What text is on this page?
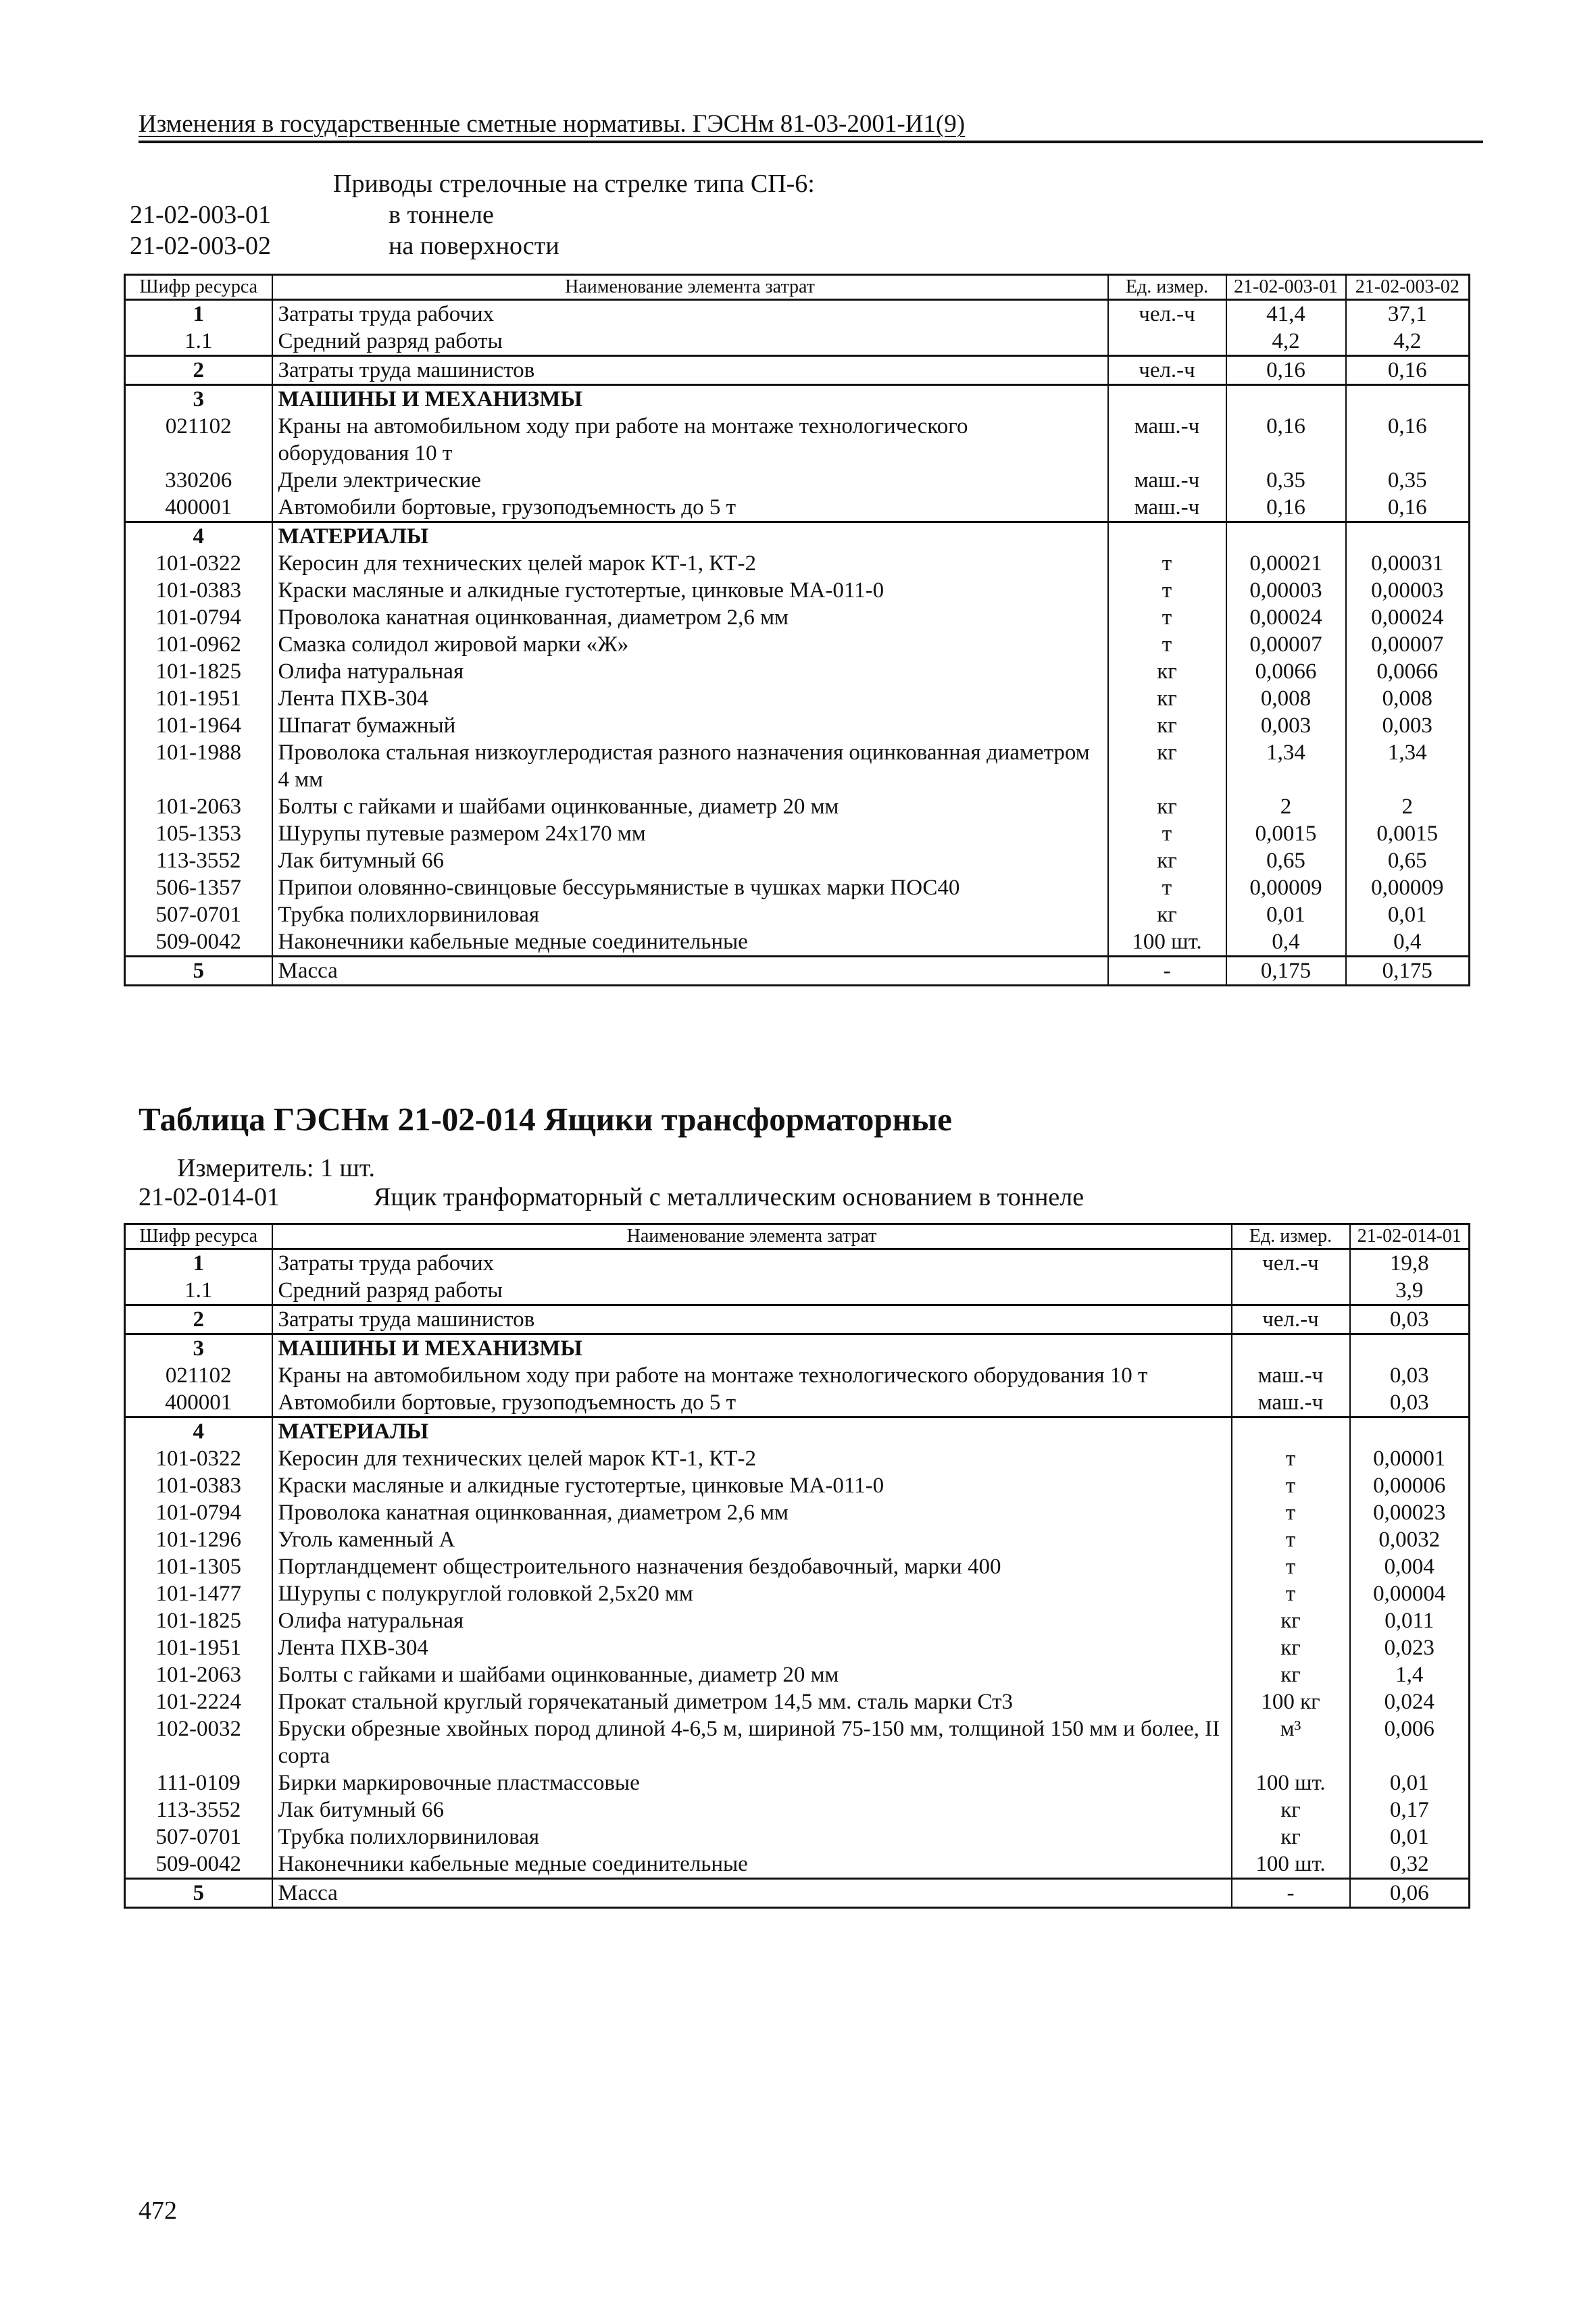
Изменения в государственные сметные нормативы. ГЭСНм 81-03-2001-И1(9)
Приводы стрелочные на стрелке типа СП-6:
21-02-003-01	в тоннеле
21-02-003-02	на поверхности
Шифр ресурса	Наименование элемента затрат	Ед. измер.	21-02-003-01	21-02-003-02
1	Затраты труда рабочих	чел.-ч	41,4	37,1
1.1	Средний разряд работы		4,2	4,2
2	Затраты труда машинистов	чел.-ч	0,16	0,16
3	МАШИНЫ И МЕХАНИЗМЫ			
021102	Краны на автомобильном ходу при работе на монтаже технологического оборудования 10 т	маш.-ч	0,16	0,16
330206	Дрели электрические	маш.-ч	0,35	0,35
400001	Автомобили бортовые, грузоподъемность до 5 т	маш.-ч	0,16	0,16
4	МАТЕРИАЛЫ			
101-0322	Керосин для технических целей марок КТ-1, КТ-2	т	0,00021	0,00031
101-0383	Краски масляные и алкидные густотертые, цинковые МА-011-0	т	0,00003	0,00003
101-0794	Проволока канатная оцинкованная, диаметром 2,6 мм	т	0,00024	0,00024
101-0962	Смазка солидол жировой марки «Ж»	т	0,00007	0,00007
101-1825	Олифа натуральная	кг	0,0066	0,0066
101-1951	Лента ПХВ-304	кг	0,008	0,008
101-1964	Шпагат бумажный	кг	0,003	0,003
101-1988	Проволока стальная низкоуглеродистая разного назначения оцинкованная диаметром 4 мм	кг	1,34	1,34
101-2063	Болты с гайками и шайбами оцинкованные, диаметр 20 мм	кг	2	2
105-1353	Шурупы путевые размером 24х170 мм	т	0,0015	0,0015
113-3552	Лак битумный 66	кг	0,65	0,65
506-1357	Припои оловянно-свинцовые бессурьмянистые в чушках марки ПОС40	т	0,00009	0,00009
507-0701	Трубка полихлорвиниловая	кг	0,01	0,01
509-0042	Наконечники кабельные медные соединительные	100 шт.	0,4	0,4
5	Масса	-	0,175	0,175
Таблица ГЭСНм 21-02-014 Ящики трансформаторные
Измеритель: 1 шт.
21-02-014-01	Ящик транформаторный с металлическим основанием в тоннеле
Шифр ресурса	Наименование элемента затрат	Ед. измер.	21-02-014-01
1	Затраты труда рабочих	чел.-ч	19,8
1.1	Средний разряд работы		3,9
2	Затраты труда машинистов	чел.-ч	0,03
3	МАШИНЫ И МЕХАНИЗМЫ		
021102	Краны на автомобильном ходу при работе на монтаже технологического оборудования 10 т	маш.-ч	0,03
400001	Автомобили бортовые, грузоподъемность до 5 т	маш.-ч	0,03
4	МАТЕРИАЛЫ		
101-0322	Керосин для технических целей марок КТ-1, КТ-2	т	0,00001
101-0383	Краски масляные и алкидные густотертые, цинковые МА-011-0	т	0,00006
101-0794	Проволока канатная оцинкованная, диаметром 2,6 мм	т	0,00023
101-1296	Уголь каменный А	т	0,0032
101-1305	Портландцемент общестроительного назначения бездобавочный, марки 400	т	0,004
101-1477	Шурупы с полукруглой головкой 2,5х20 мм	т	0,00004
101-1825	Олифа натуральная	кг	0,011
101-1951	Лента ПХВ-304	кг	0,023
101-2063	Болты с гайками и шайбами оцинкованные, диаметр 20 мм	кг	1,4
101-2224	Прокат стальной круглый горячекатаный диметром 14,5 мм. сталь марки Ст3	100 кг	0,024
102-0032	Бруски обрезные хвойных пород длиной 4-6,5 м, шириной 75-150 мм, толщиной 150 мм и более, II сорта	м³	0,006
111-0109	Бирки маркировочные пластмассовые	100 шт.	0,01
113-3552	Лак битумный 66	кг	0,17
507-0701	Трубка полихлорвиниловая	кг	0,01
509-0042	Наконечники кабельные медные соединительные	100 шт.	0,32
5	Масса	-	0,06
472
